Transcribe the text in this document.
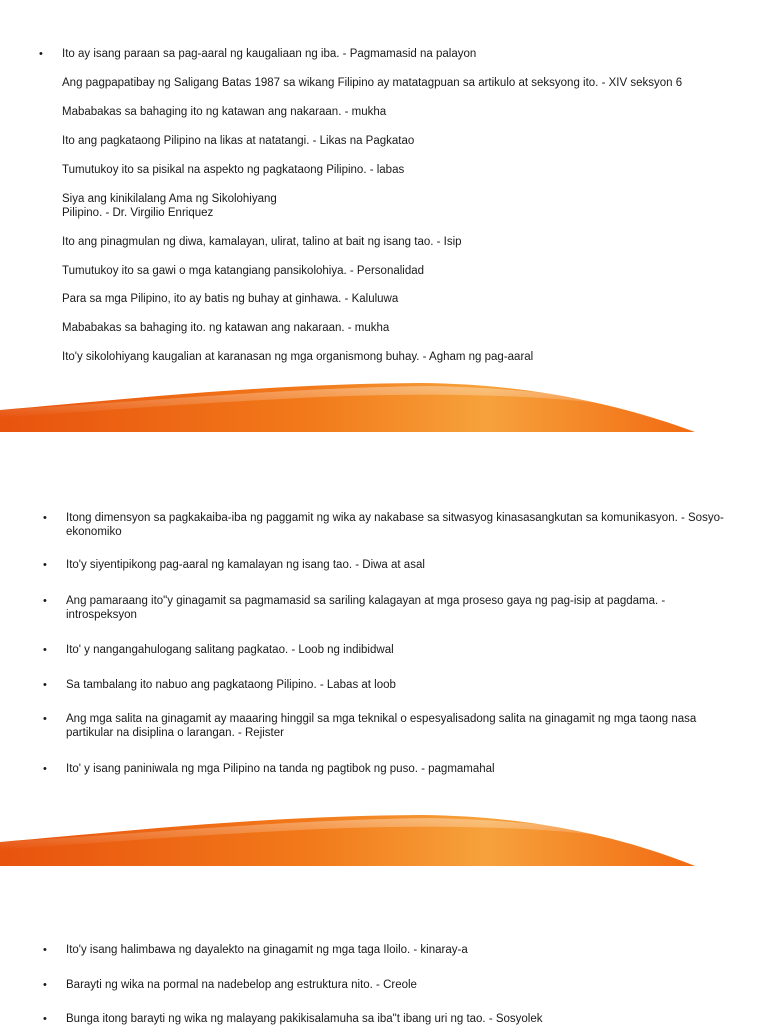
• Ito ay isang paraan sa pag-aaral ng kaugaliaan ng iba. - Pagmamasid na palayon
Ang pagpapatibay ng Saligang Batas 1987 sa wikang Filipino ay matatagpuan sa artikulo at seksyong ito. - XIV seksyon 6
Mababakas sa bahaging ito ng katawan ang nakaraan. - mukha
Ito ang pagkataong Pilipino na likas at natatangi. - Likas na Pagkatao
Tumutukoy ito sa pisikal na aspekto ng pagkataong Pilipino. - labas
Siya ang kinikilalang Ama ng Sikolohiyang
Pilipino. - Dr. Virgilio Enriquez
Ito ang pinagmulan ng diwa, kamalayan, ulirat, talino at bait ng isang tao. - Isip
Tumutukoy ito sa gawi o mga katangiang pansikolohiya. - Personalidad
Para sa mga Pilipino, ito ay batis ng buhay at ginhawa. - Kaluluwa
Mababakas sa bahaging ito. ng katawan ang nakaraan. - mukha
Ito'y sikolohiyang kaugalian at karanasan ng mga organismong buhay. - Agham ng pag-aaral
• Itong dimensyon sa pagkakaiba-iba ng paggamit ng wika ay nakabase sa sitwasyog kinasasangkutan sa komunikasyon. - Sosyo-ekonomiko
• Ito'y siyentipikong pag-aaral ng kamalayan ng isang tao. - Diwa at asal
• Ang pamaraang ito"y ginagamit sa pagmamasid sa sariling kalagayan at mga proseso gaya ng pag-isip at pagdama. - introspeksyon
• Ito' y nangangahulogang salitang pagkatao. - Loob ng indibidwal
• Sa tambalang ito nabuo ang pagkataong Pilipino. - Labas at loob
• Ang mga salita na ginagamit ay maaaring hinggil sa mga teknikal o espesyalisadong salita na ginagamit ng mga taong nasa partikular na disiplina o larangan. - Rejister
• Ito' y isang paniniwala ng mga Pilipino na tanda ng pagtibok ng puso. - pagmamahal
• Ito'y isang halimbawa ng dayalekto na ginagamit ng mga taga Iloilo. - kinaray-a
• Barayti ng wika na pormal na nadebelop ang estruktura nito. - Creole
• Bunga itong barayti ng wika ng malayang pakikisalamuha sa iba"t ibang uri ng tao. - Sosyolek
